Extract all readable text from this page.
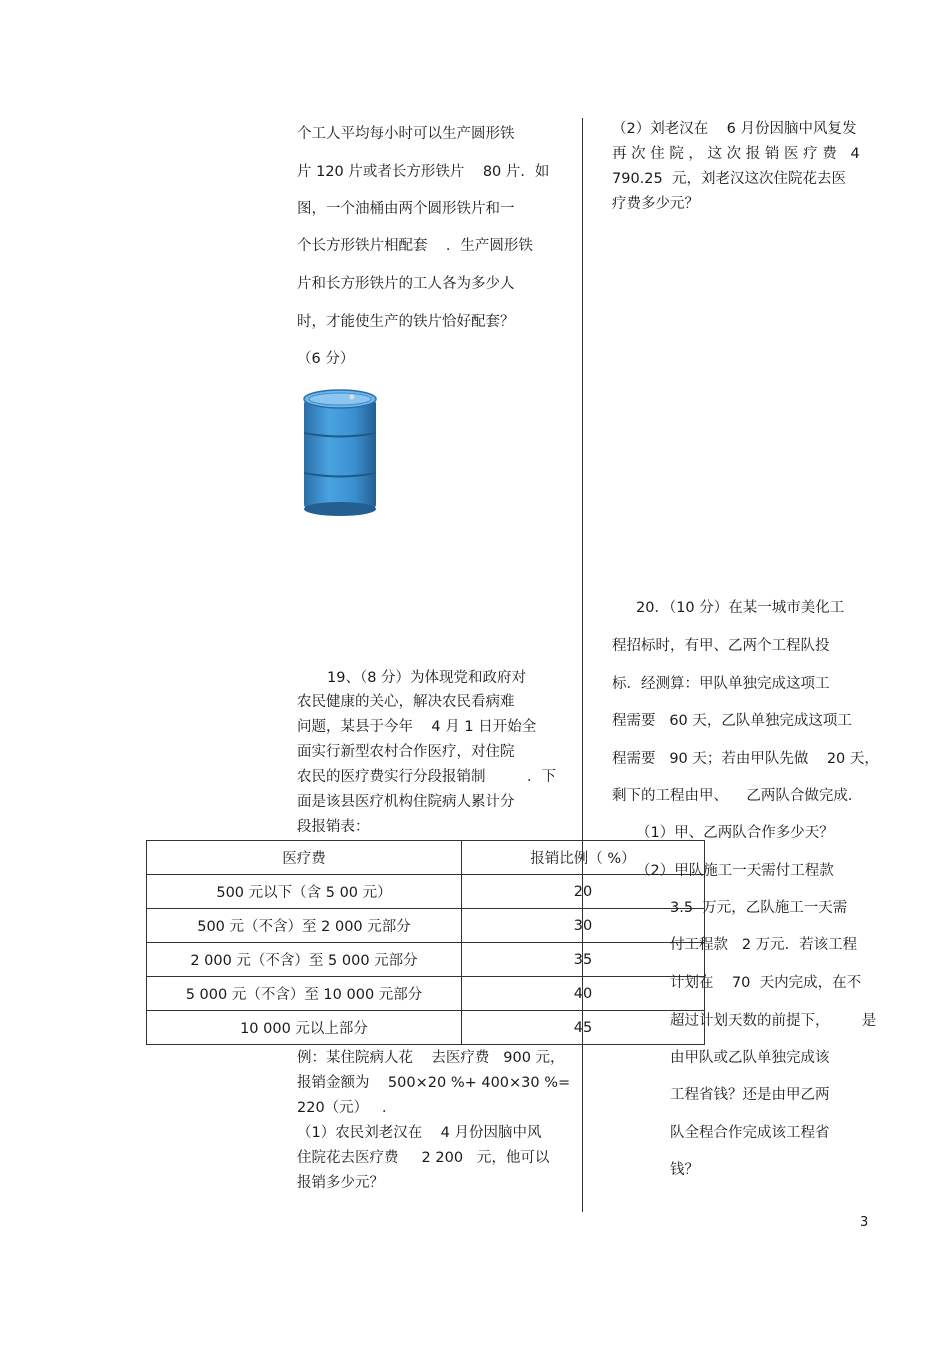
个工人平均每小时可以生产圆形铁
片 120 片或者长方形铁片    80 片．如
图，一个油桶由两个圆形铁片和一
个长方形铁片相配套    ．生产圆形铁
片和长方形铁片的工人各为多少人
时，才能使生产的铁片恰好配套？
（6 分）
19、（8 分）为体现党和政府对
农民健康的关心，解决农民看病难
问题，某县于今年    4 月 1 日开始全
面实行新型农村合作医疗，对住院
农民的医疗费实行分段报销制         ．下
面是该县医疗机构住院病人累计分
段报销表：
医疗费	报销比例（ %）
500 元以下（含 5 00 元）	20
500 元（不含）至 2 000 元部分	30
2 000 元（不含）至 5 000 元部分	35
5 000 元（不含）至 10 000 元部分	40
10 000 元以上部分	45
例：某住院病人花    去医疗费   900 元，
报销金额为    500×20 %+ 400×30 %=
220（元）   ．
（1）农民刘老汉在    4 月份因脑中风
住院花去医疗费     2 200   元，他可以
报销多少元？
（2）刘老汉在    6 月份因脑中风复发
再 次 住 院 ， 这 次 报 销 医 疗 费   4
790.25  元，刘老汉这次住院花去医
疗费多少元？
20．（10 分）在某一城市美化工
程招标时，有甲、乙两个工程队投
标．经测算：甲队单独完成这项工
程需要   60 天，乙队单独完成这项工
程需要   90 天；若由甲队先做    20 天，
剩下的工程由甲、    乙两队合做完成．
（1）甲、乙两队合作多少天？
（2）甲队施工一天需付工程款
3.5  万元，乙队施工一天需
付工程款   2 万元．若该工程
计划在    70  天内完成，在不
超过计划天数的前提下，       是
由甲队或乙队单独完成该
工程省钱？还是由甲乙两
队全程合作完成该工程省
钱？
3
